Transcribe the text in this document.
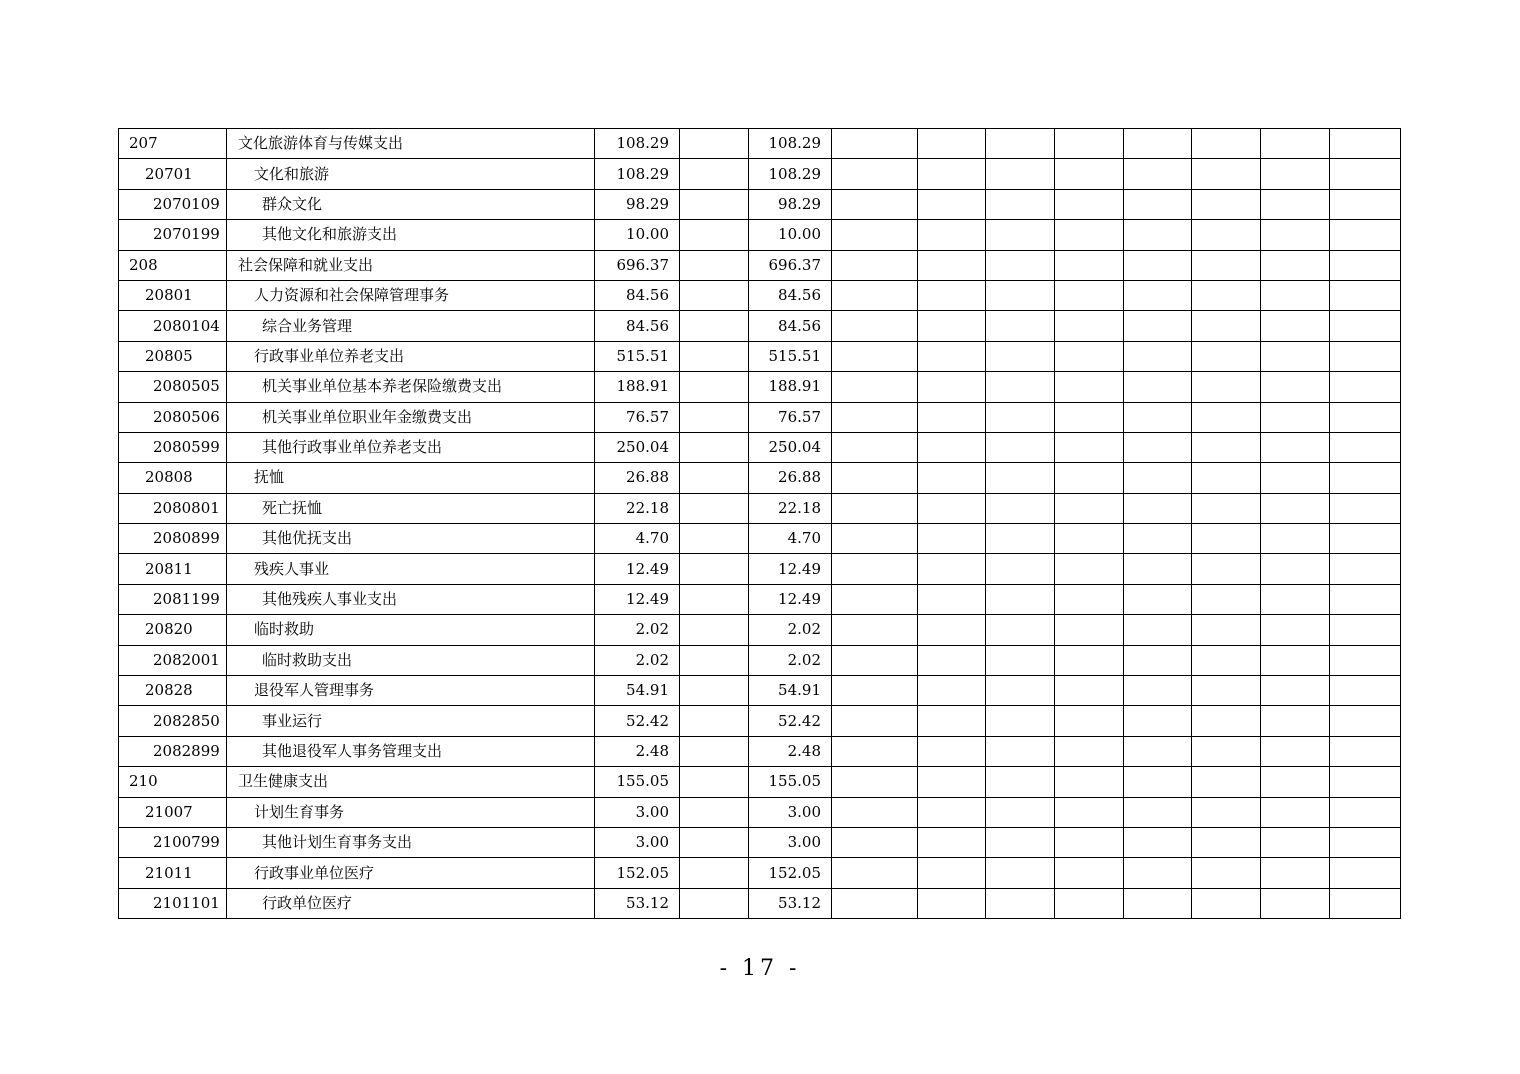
207	文化旅游体育与传媒支出	108.29		108.29								
20701	文化和旅游	108.29		108.29								
2070109	群众文化	98.29		98.29								
2070199	其他文化和旅游支出	10.00		10.00								
208	社会保障和就业支出	696.37		696.37								
20801	人力资源和社会保障管理事务	84.56		84.56								
2080104	综合业务管理	84.56		84.56								
20805	行政事业单位养老支出	515.51		515.51								
2080505	机关事业单位基本养老保险缴费支出	188.91		188.91								
2080506	机关事业单位职业年金缴费支出	76.57		76.57								
2080599	其他行政事业单位养老支出	250.04		250.04								
20808	抚恤	26.88		26.88								
2080801	死亡抚恤	22.18		22.18								
2080899	其他优抚支出	4.70		4.70								
20811	残疾人事业	12.49		12.49								
2081199	其他残疾人事业支出	12.49		12.49								
20820	临时救助	2.02		2.02								
2082001	临时救助支出	2.02		2.02								
20828	退役军人管理事务	54.91		54.91								
2082850	事业运行	52.42		52.42								
2082899	其他退役军人事务管理支出	2.48		2.48								
210	卫生健康支出	155.05		155.05								
21007	计划生育事务	3.00		3.00								
2100799	其他计划生育事务支出	3.00		3.00								
21011	行政事业单位医疗	152.05		152.05								
2101101	行政单位医疗	53.12		53.12								
- 17 -
